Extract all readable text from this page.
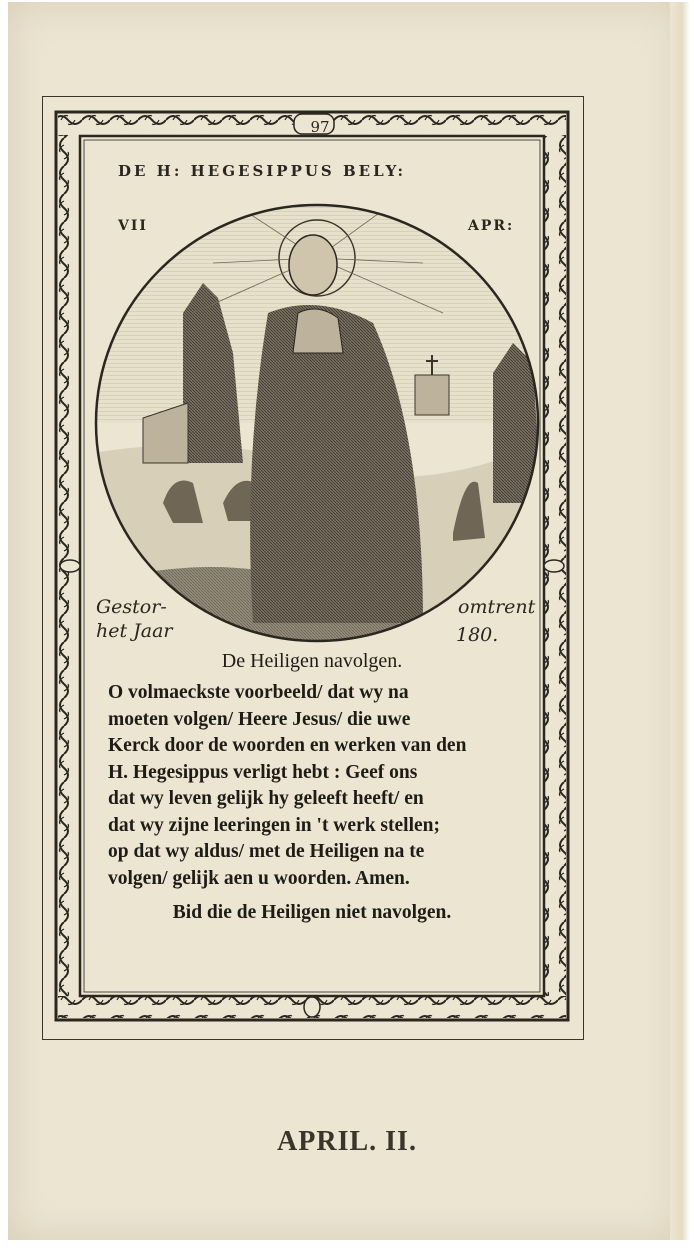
97
DE H: HEGESIPPUS BELY:
VII	APR:
Gestor-
het Jaar
omtrent
180.
De Heiligen navolgen.
O volmaeckste voorbeeld/ dat wy na
moeten volgen/ Heere Jesus/ die uwe
Kerck door de woorden en werken van den
H. Hegesippus verligt hebt : Geef ons
dat wy leven gelijk hy geleeft heeft/ en
dat wy zijne leeringen in 't werk stellen;
op dat wy aldus/ met de Heiligen na te
volgen/ gelijk aen u woorden. Amen.
Bid die de Heiligen niet navolgen.
APRIL. II.
